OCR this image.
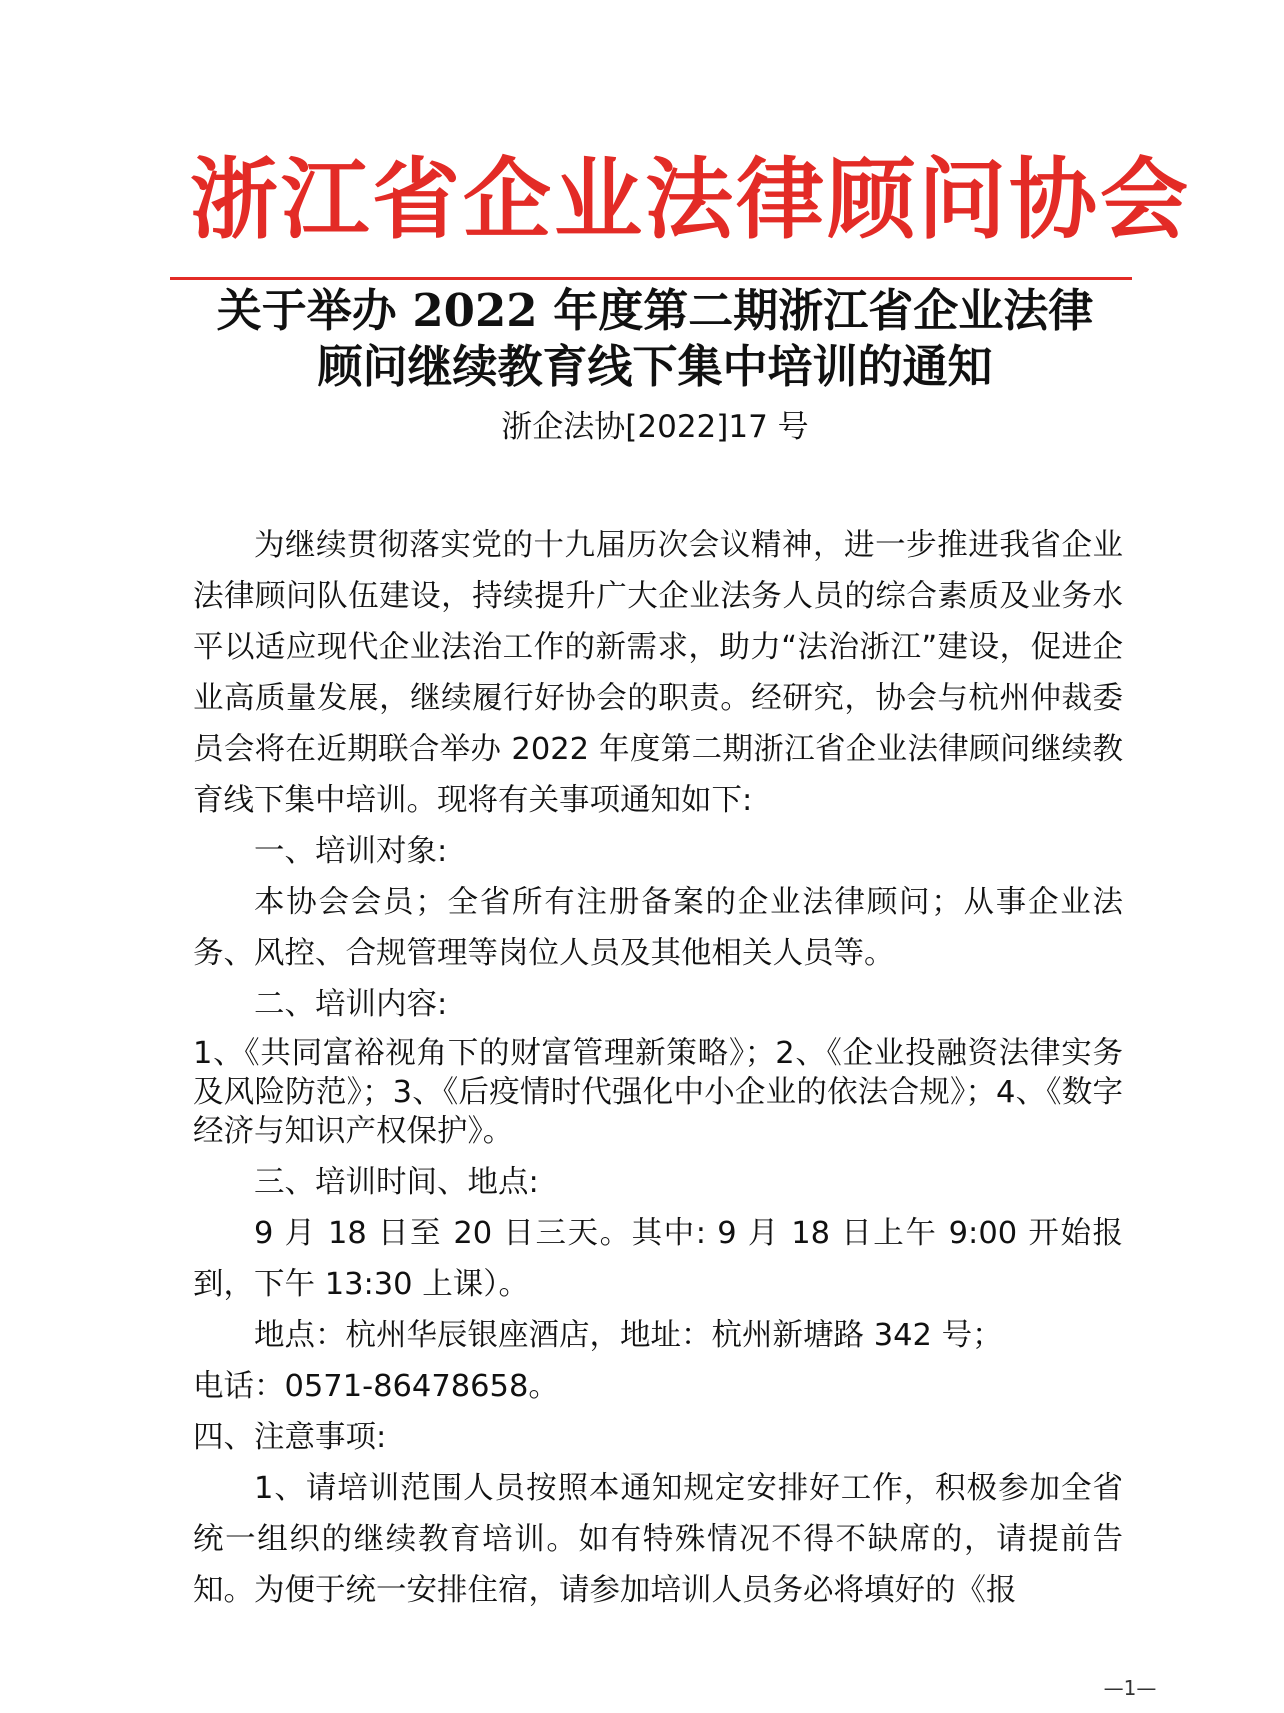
浙江省企业法律顾问协会
关于举办 2022 年度第二期浙江省企业法律
顾问继续教育线下集中培训的通知
浙企法协[2022]17 号

为继续贯彻落实党的十九届历次会议精神，进一步推进我省企业法律顾问队伍建设，持续提升广大企业法务人员的综合素质及业务水平以适应现代企业法治工作的新需求，助力“法治浙江”建设，促进企业高质量发展，继续履行好协会的职责。经研究，协会与杭州仲裁委员会将在近期联合举办 2022 年度第二期浙江省企业法律顾问继续教育线下集中培训。现将有关事项通知如下:

一、培训对象:

本协会会员；全省所有注册备案的企业法律顾问；从事企业法务、风控、合规管理等岗位人员及其他相关人员等。

二、培训内容:

1、《共同富裕视角下的财富管理新策略》；2、《企业投融资法律实务及风险防范》；3、《后疫情时代强化中小企业的依法合规》；4、《数字经济与知识产权保护》。

三、培训时间、地点:

9 月 18 日至 20 日三天。其中: 9 月 18 日上午 9:00 开始报到，下午 13:30 上课）。

地点：杭州华辰银座酒店，地址：杭州新塘路 342 号；

电话：0571-86478658。

四、注意事项:

1、请培训范围人员按照本通知规定安排好工作，积极参加全省统一组织的继续教育培训。如有特殊情况不得不缺席的，请提前告知。为便于统一安排住宿，请参加培训人员务必将填好的《报

—1—
